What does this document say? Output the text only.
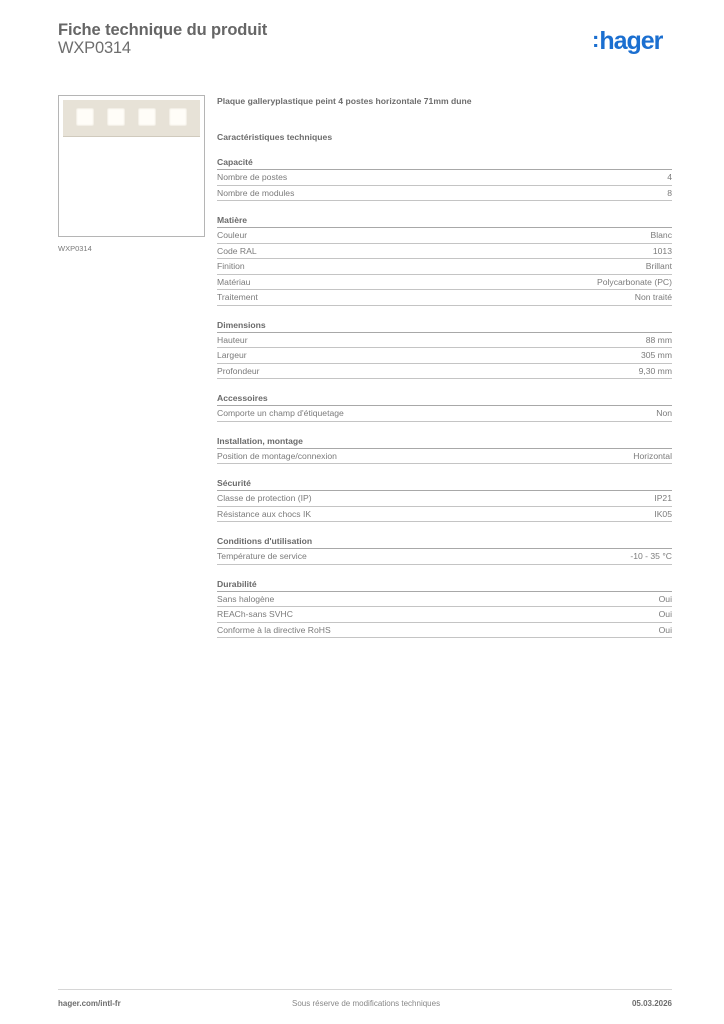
Fiche technique du produit
WXP0314	:hager
WXP0314
Plaque galleryplastique peint 4 postes horizontale 71mm dune
Caractéristiques techniques
Capacité
Nombre de postes	4
Nombre de modules	8
Matière
Couleur	Blanc
Code RAL	1013
Finition	Brillant
Matériau	Polycarbonate (PC)
Traitement	Non traité
Dimensions
Hauteur	88 mm
Largeur	305 mm
Profondeur	9,30 mm
Accessoires
Comporte un champ d'étiquetage	Non
Installation, montage
Position de montage/connexion	Horizontal
Sécurité
Classe de protection (IP)	IP21
Résistance aux chocs IK	IK05
Conditions d'utilisation
Température de service	-10 - 35 °C
Durabilité
Sans halogène	Oui
REACh-sans SVHC	Oui
Conforme à la directive RoHS	Oui
hager.com/intl-fr	Sous réserve de modifications techniques	05.03.2026
